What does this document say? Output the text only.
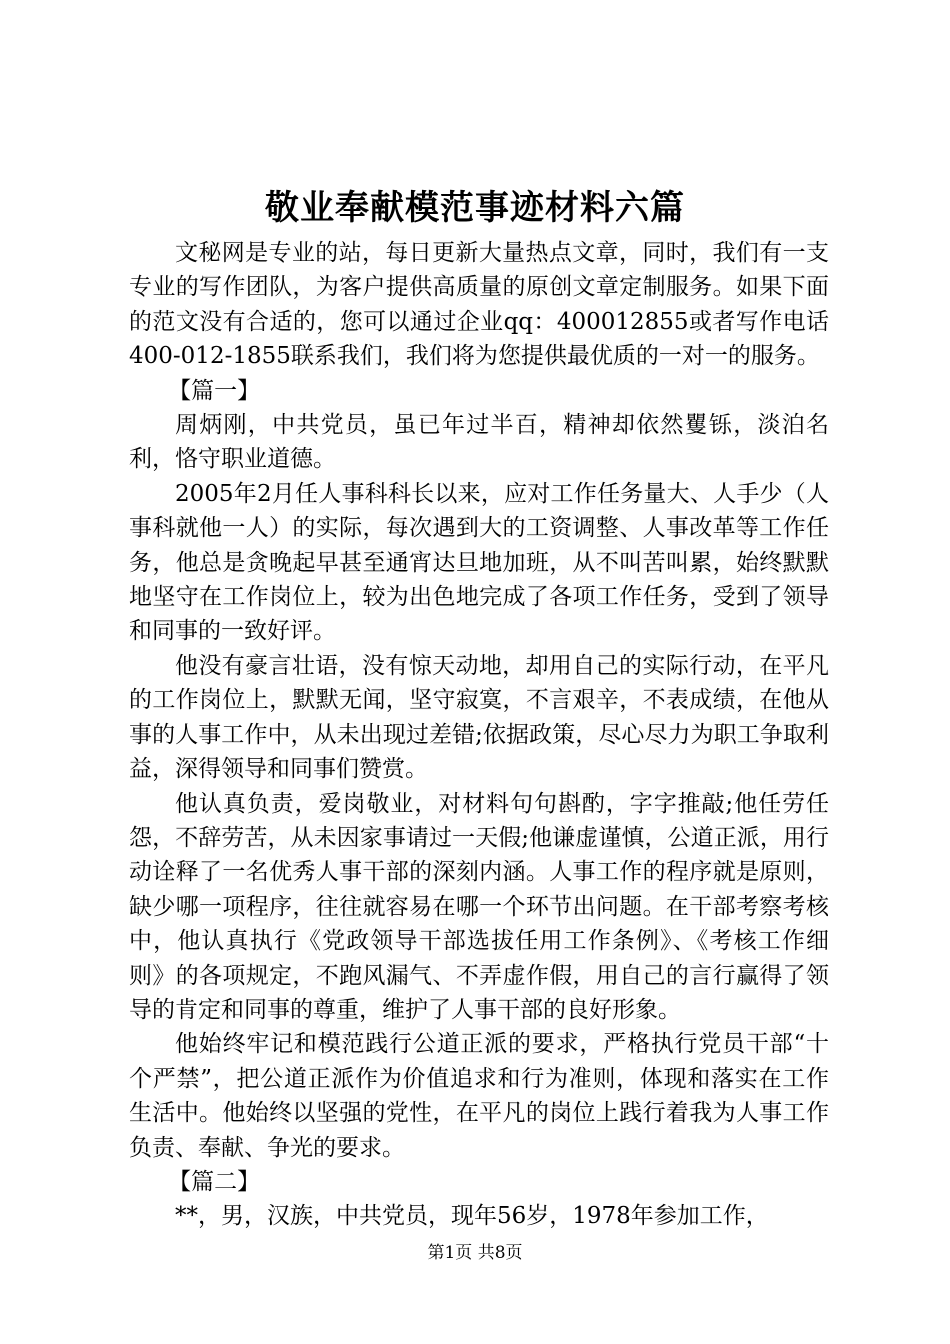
敬业奉献模范事迹材料六篇

文秘网是专业的站，每日更新大量热点文章，同时，我们有一支专业的写作团队，为客户提供高质量的原创文章定制服务。如果下面的范文没有合适的，您可以通过企业qq：400012855或者写作电话400-012-1855联系我们，我们将为您提供最优质的一对一的服务。

【篇一】

周炳刚，中共党员，虽已年过半百，精神却依然矍铄，淡泊名利，恪守职业道德。

2005年2月任人事科科长以来，应对工作任务量大、人手少（人事科就他一人）的实际，每次遇到大的工资调整、人事改革等工作任务，他总是贪晚起早甚至通宵达旦地加班，从不叫苦叫累，始终默默地坚守在工作岗位上，较为出色地完成了各项工作任务，受到了领导和同事的一致好评。

他没有豪言壮语，没有惊天动地，却用自己的实际行动，在平凡的工作岗位上，默默无闻，坚守寂寞，不言艰辛，不表成绩，在他从事的人事工作中，从未出现过差错;依据政策，尽心尽力为职工争取利益，深得领导和同事们赞赏。

他认真负责，爱岗敬业，对材料句句斟酌，字字推敲;他任劳任怨，不辞劳苦，从未因家事请过一天假;他谦虚谨慎，公道正派，用行动诠释了一名优秀人事干部的深刻内涵。人事工作的程序就是原则，缺少哪一项程序，往往就容易在哪一个环节出问题。在干部考察考核中，他认真执行《党政领导干部选拔任用工作条例》、《考核工作细则》的各项规定，不跑风漏气、不弄虚作假，用自己的言行赢得了领导的肯定和同事的尊重，维护了人事干部的良好形象。

他始终牢记和模范践行公道正派的要求，严格执行党员干部“十个严禁”，把公道正派作为价值追求和行为准则，体现和落实在工作生活中。他始终以坚强的党性，在平凡的岗位上践行着我为人事工作负责、奉献、争光的要求。

【篇二】

**，男，汉族，中共党员，现年56岁，1978年参加工作，

第1页 共8页
